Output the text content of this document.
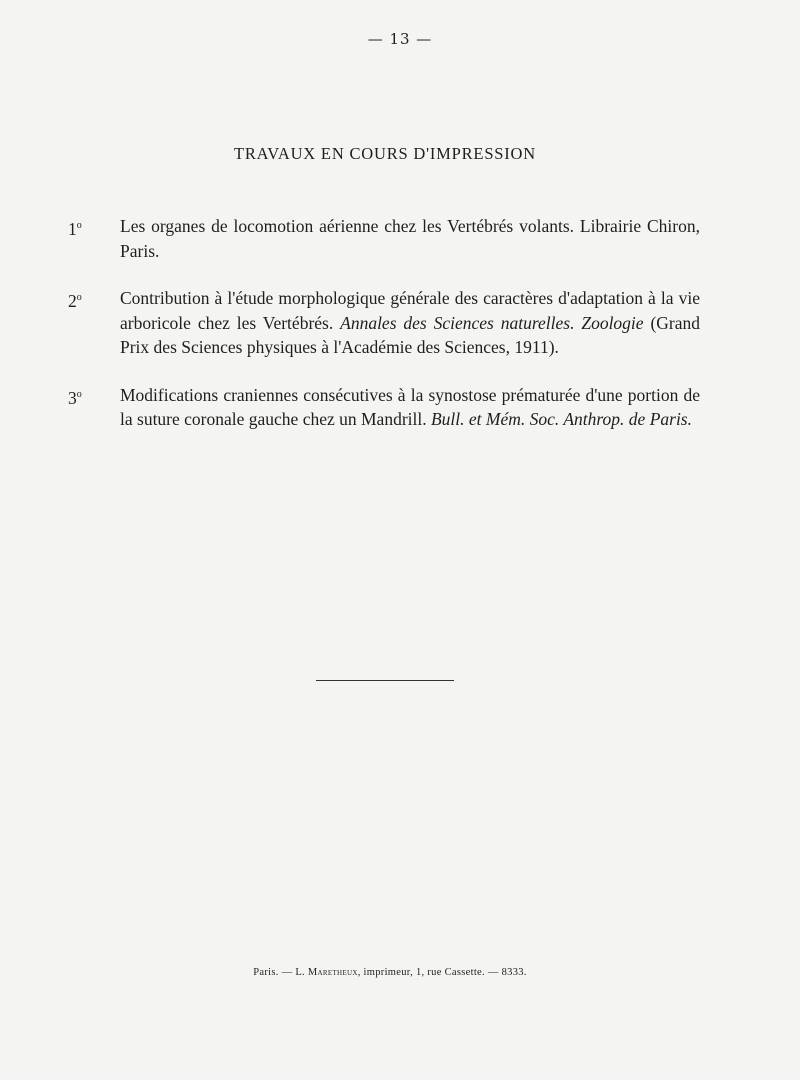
— 13 —
TRAVAUX EN COURS D'IMPRESSION
1$^o$	Les organes de locomotion aérienne chez les Vertébrés volants. Librairie Chiron, Paris.
2$^o$	Contribution à l'étude morphologique générale des caractères d'adaptation à la vie arboricole chez les Vertébrés. Annales des Sciences naturelles. Zoologie (Grand Prix des Sciences physiques à l'Académie des Sciences, 1911).
3$^o$	Modifications craniennes consécutives à la synostose prématurée d'une portion de la suture coronale gauche chez un Mandrill. Bull. et Mém. Soc. Anthrop. de Paris.
Paris. — L. Maretheux, imprimeur, 1, rue Cassette. — 8333.
